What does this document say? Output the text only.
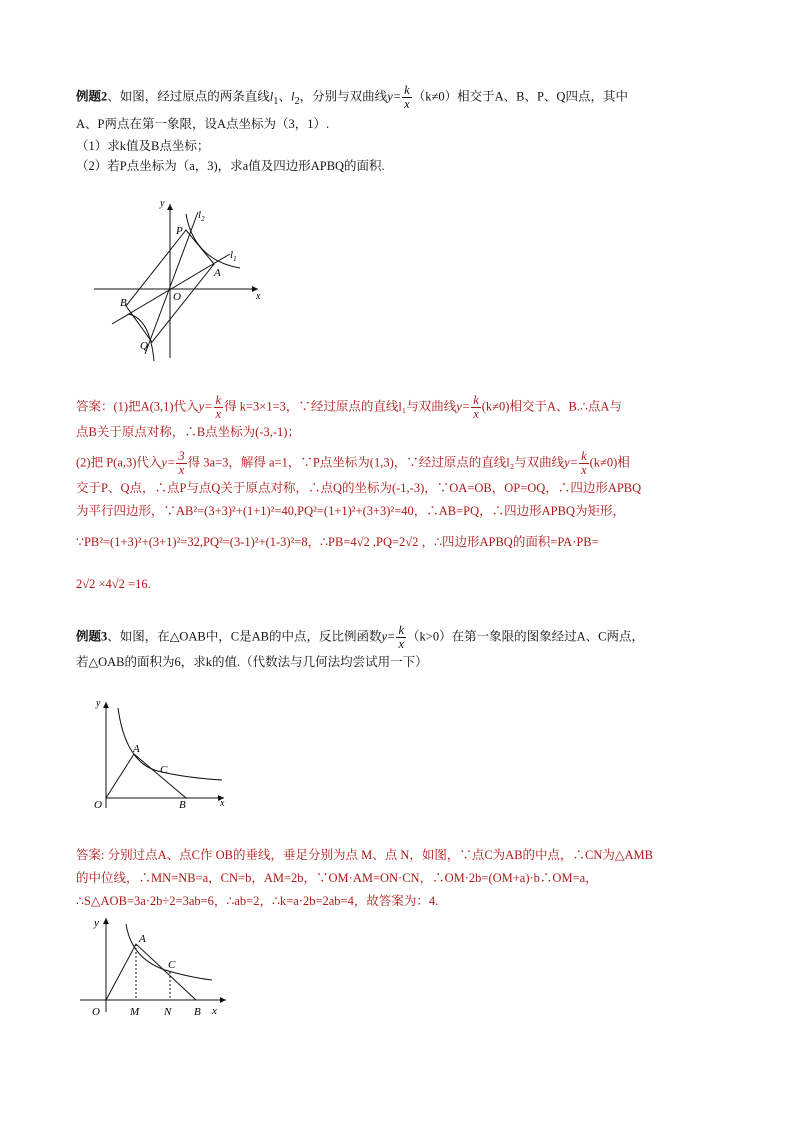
例题2、如图，经过原点的两条直线$l_1$、$l_2$，分别与双曲线$y= \frac{k}{x} (k\ne 0)$相交于A、B、P、Q四点，其中
A、P两点在第一象限，设A点坐标为（3，1）.
（1）求k值及B点坐标；
（2）若P点坐标为（a，3)，求a值及四边形APBQ的面积.
y
x
O
P
A
B
Q
$l_2$
$l_1$
答案：(1)把A(3,1)代入$y= \frac{k}{x}$ 得 k=3×1=3，∵经过原点的直线l₁与双曲线$y= \frac{k}{x} (k\ne 0)$相交于A、B.∴点A与
点B关于原点对称，∴B点坐标为(-3,-1)；
(2)把 P(a,3)代入$y= \frac{3}{x}$ 得 3a=3，解得 a=1，∵P点坐标为(1,3)，∵经过原点的直线l₂与双曲线$y= \frac{k}{x} (k\ne 0)$相
交于P、Q点，∴点P与点Q关于原点对称，∴点Q的坐标为(-1,-3)，∵OA=OB，OP=OQ，∴四边形APBQ
为平行四边形，∵AB²=(3+3)²+(1+1)²=40,PQ²=(1+1)²+(3+3)²=40，∴AB=PQ，∴四边形APBQ为矩形，
∵PB²=(1+3)²+(3+1)²=32,PQ²=(3-1)²+(1-3)²=8，∴PB=4√2 ,PQ=2√2 ，∴四边形APBQ的面积=PA·PB=
2√2 ×4√2 =16.
例题3、如图，在△OAB中，C是AB的中点，反比例函数$y= \frac{k}{x} (k>0)$在第一象限的图象经过A、C两点，
若△OAB的面积为6，求k的值.（代数法与几何法均尝试用一下）
y
x
O
A
C
B
答案: 分别过点A、点C作 OB的垂线，垂足分别为点 M、点 N，如图，∵点C为AB的中点，∴CN为△AMB
的中位线，∴MN=NB=a，CN=b，AM=2b，∵OM·AM=ON·CN，∴OM·2b=(OM+a)·b∴OM=a，
∴S△AOB=3a·2b÷2=3ab=6，∴ab=2，∴k=a·2b=2ab=4，故答案为：4.
y
x
O
A
C
M N B
